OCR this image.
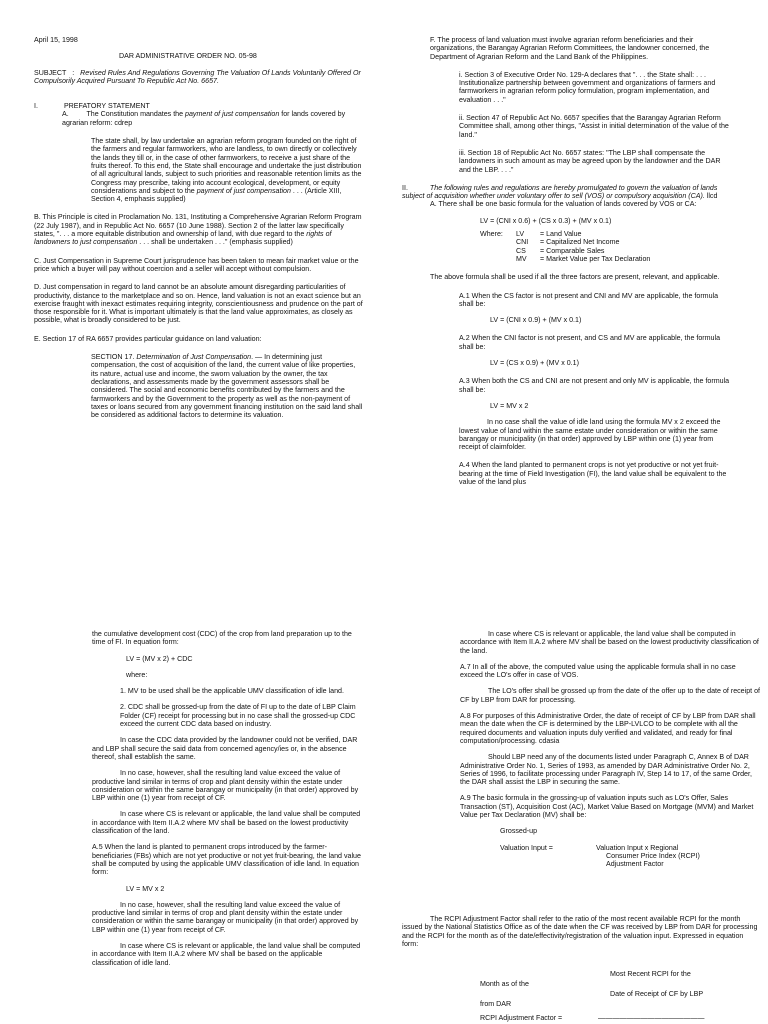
April 15, 1998

DAR ADMINISTRATIVE ORDER NO. 05-98

SUBJECT : Revised Rules And Regulations Governing The Valuation Of Lands Voluntarily Offered Or Compulsorily Acquired Pursuant To Republic Act No. 6657.

I.	PREFATORY STATEMENT

A.	The Constitution mandates the payment of just compensation for lands covered by agrarian reform: cdrep

The state shall, by law undertake an agrarian reform program founded on the right of the farmers and regular farmworkers, who are landless, to own directly or collectively the lands they till or, in the case of other farmworkers, to receive a just share of the fruits thereof. To this end, the State shall encourage and undertake the just distribution of all agricultural lands, subject to such priorities and reasonable retention limits as the Congress may prescribe, taking into account ecological, development, or equity considerations and subject to the payment of just compensation . . . (Article XIII, Section 4, emphasis supplied)

B. This Principle is cited in Proclamation No. 131, Instituting a Comprehensive Agrarian Reform Program (22 July 1987), and in Republic Act No. 6657 (10 June 1988). Section 2 of the latter law specifically states, ". . . a more equitable distribution and ownership of land, with due regard to the rights of landowners to just compensation . . . shall be undertaken . . ." (emphasis supplied)

C. Just Compensation in Supreme Court jurisprudence has been taken to mean fair market value or the price which a buyer will pay without coercion and a seller will accept without compulsion.

D. Just compensation in regard to land cannot be an absolute amount disregarding particularities of productivity, distance to the marketplace and so on. Hence, land valuation is not an exact science but an exercise fraught with inexact estimates requiring integrity, conscientiousness and prudence on the part of those responsible for it. What is important ultimately is that the land value approximates, as closely as possible, what is broadly considered to be just.

E. Section 17 of RA 6657 provides particular guidance on land valuation:

SECTION 17. Determination of Just Compensation. — In determining just compensation, the cost of acquisition of the land, the current value of like properties, its nature, actual use and income, the sworn valuation by the owner, the tax declarations, and assessments made by the government assessors shall be considered. The social and economic benefits contributed by the farmers and the farmworkers and by the Government to the property as well as the non-payment of taxes or loans secured from any government financing institution on the said land shall be considered as additional factors to determine its valuation.

F. The process of land valuation must involve agrarian reform beneficiaries and their organizations, the Barangay Agrarian Reform Committees, the landowner concerned, the Department of Agrarian Reform and the Land Bank of the Philippines.

i. Section 3 of Executive Order No. 129-A declares that ". . . the State shall: . . . Institutionalize partnership between government and organizations of farmers and farmworkers in agrarian reform policy formulation, program implementation, and evaluation . . ."

ii. Section 47 of Republic Act No. 6657 specifies that the Barangay Agrarian Reform Committee shall, among other things, "Assist in initial determination of the value of the land."

iii. Section 18 of Republic Act No. 6657 states: "The LBP shall compensate the landowners in such amount as may be agreed upon by the landowner and the DAR and the LBP. . . ."

II.	The following rules and regulations are hereby promulgated to govern the valuation of lands subject of acquisition whether under voluntary offer to sell (VOS) or compulsory acquisition (CA). llcd

A. There shall be one basic formula for the valuation of lands covered by VOS or CA:

LV = (CNI x 0.6) + (CS x 0.3) + (MV x 0.1)

Where:	LV	= Land Value
CNI	= Capitalized Net Income
CS	= Comparable Sales
MV	= Market Value per Tax Declaration

The above formula shall be used if all the three factors are present, relevant, and applicable.

A.1 When the CS factor is not present and CNI and MV are applicable, the formula shall be:

LV = (CNI x 0.9) + (MV x 0.1)

A.2 When the CNI factor is not present, and CS and MV are applicable, the formula shall be:

LV = (CS x 0.9) + (MV x 0.1)

A.3 When both the CS and CNI are not present and only MV is applicable, the formula shall be:

LV = MV x 2

In no case shall the value of idle land using the formula MV x 2 exceed the lowest value of land within the same estate under consideration or within the same barangay or municipality (in that order) approved by LBP within one (1) year from receipt of claimfolder.

A.4 When the land planted to permanent crops is not yet productive or not yet fruit-bearing at the time of Field Investigation (FI), the land value shall be equivalent to the value of the land plus

the cumulative development cost (CDC) of the crop from land preparation up to the time of FI. In equation form:

LV = (MV x 2) + CDC

where:

1. MV to be used shall be the applicable UMV classification of idle land.

2. CDC shall be grossed-up from the date of FI up to the date of LBP Claim Folder (CF) receipt for processing but in no case shall the grossed-up CDC exceed the current CDC data based on industry.

In case the CDC data provided by the landowner could not be verified, DAR and LBP shall secure the said data from concerned agency/ies or, in the absence thereof, shall establish the same.

In no case, however, shall the resulting land value exceed the value of productive land similar in terms of crop and plant density within the estate under consideration or within the same barangay or municipality (in that order) approved by LBP within one (1) year from receipt of CF.

In case where CS is relevant or applicable, the land value shall be computed in accordance with Item II.A.2 where MV shall be based on the lowest productivity classification of the land.

A.5 When the land is planted to permanent crops introduced by the farmer-beneficiaries (FBs) which are not yet productive or not yet fruit-bearing, the land value shall be computed by using the applicable UMV classification of idle land. In equation form:

LV = MV x 2

In no case, however, shall the resulting land value exceed the value of productive land similar in terms of crop and plant density within the estate under consideration or within the same barangay or municipality (in that order) approved by LBP within one (1) year from receipt of CF.

In case where CS is relevant or applicable, the land value shall be computed in accordance with Item II.A.2 where MV shall be based on the applicable classification of idle land.

In case where CS is relevant or applicable, the land value shall be computed in accordance with Item II.A.2 where MV shall be based on the lowest productivity classification of the land.

A.7 In all of the above, the computed value using the applicable formula shall in no case exceed the LO's offer in case of VOS.

The LO's offer shall be grossed up from the date of the offer up to the date of receipt of CF by LBP from DAR for processing.

A.8 For purposes of this Administrative Order, the date of receipt of CF by LBP from DAR shall mean the date when the CF is determined by the LBP-LVLCO to be complete with all the required documents and valuation inputs duly verified and validated, and ready for final computation/processing. cdasia

Should LBP need any of the documents listed under Paragraph C, Annex B of DAR Administrative Order No. 1, Series of 1993, as amended by DAR Administrative Order No. 2, Series of 1996, to facilitate processing under Paragraph IV, Step 14 to 17, of the same Order, the DAR shall assist the LBP in securing the same.

A.9 The basic formula in the grossing-up of valuation inputs such as LO's Offer, Sales Transaction (ST), Acquisition Cost (AC), Market Value Based on Mortgage (MVM) and Market Value per Tax Declaration (MV) shall be:

Grossed-up

Valuation Input =	Valuation Input x Regional

Consumer Price Index (RCPI)

Adjustment Factor

The RCPI Adjustment Factor shall refer to the ratio of the most recent available RCPI for the month issued by the National Statistics Office as of the date when the CF was received by LBP from DAR for processing and the RCPI for the month as of the date/effectivity/registration of the valuation input. Expressed in equation form:

Most Recent RCPI for the

Month as of the

Date of Receipt of CF by LBP

from DAR

RCPI Adjustment Factor =	———————————————
